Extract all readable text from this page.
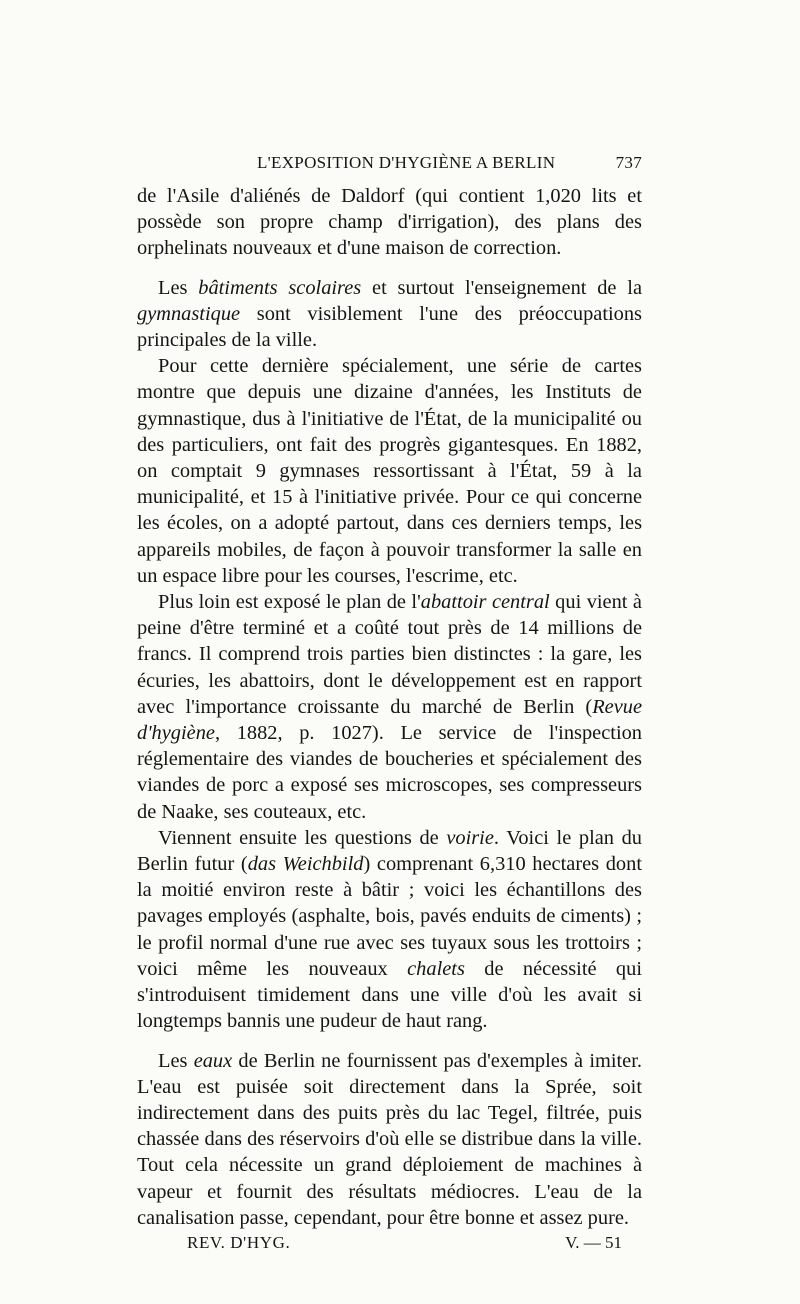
L'EXPOSITION D'HYGIÈNE A BERLIN	737

de l'Asile d'aliénés de Daldorf (qui contient 1,020 lits et possède son propre champ d'irrigation), des plans des orphelinats nouveaux et d'une maison de correction.

Les bâtiments scolaires et surtout l'enseignement de la gymnastique sont visiblement l'une des préoccupations principales de la ville.

Pour cette dernière spécialement, une série de cartes montre que depuis une dizaine d'années, les Instituts de gymnastique, dus à l'initiative de l'État, de la municipalité ou des particuliers, ont fait des progrès gigantesques. En 1882, on comptait 9 gymnases ressortissant à l'État, 59 à la municipalité, et 15 à l'initiative privée. Pour ce qui concerne les écoles, on a adopté partout, dans ces derniers temps, les appareils mobiles, de façon à pouvoir transformer la salle en un espace libre pour les courses, l'escrime, etc.

Plus loin est exposé le plan de l'abattoir central qui vient à peine d'être terminé et a coûté tout près de 14 millions de francs. Il comprend trois parties bien distinctes : la gare, les écuries, les abattoirs, dont le développement est en rapport avec l'importance croissante du marché de Berlin (Revue d'hygiène, 1882, p. 1027). Le service de l'inspection réglementaire des viandes de boucheries et spécialement des viandes de porc a exposé ses microscopes, ses compresseurs de Naake, ses couteaux, etc.

Viennent ensuite les questions de voirie. Voici le plan du Berlin futur (das Weichbild) comprenant 6,310 hectares dont la moitié environ reste à bâtir ; voici les échantillons des pavages employés (asphalte, bois, pavés enduits de ciments) ; le profil normal d'une rue avec ses tuyaux sous les trottoirs ; voici même les nouveaux chalets de nécessité qui s'introduisent timidement dans une ville d'où les avait si longtemps bannis une pudeur de haut rang.

Les eaux de Berlin ne fournissent pas d'exemples à imiter. L'eau est puisée soit directement dans la Sprée, soit indirectement dans des puits près du lac Tegel, filtrée, puis chassée dans des réservoirs d'où elle se distribue dans la ville. Tout cela nécessite un grand déploiement de machines à vapeur et fournit des résultats médiocres. L'eau de la canalisation passe, cependant, pour être bonne et assez pure.

REV. D'HYG.	V. — 51
